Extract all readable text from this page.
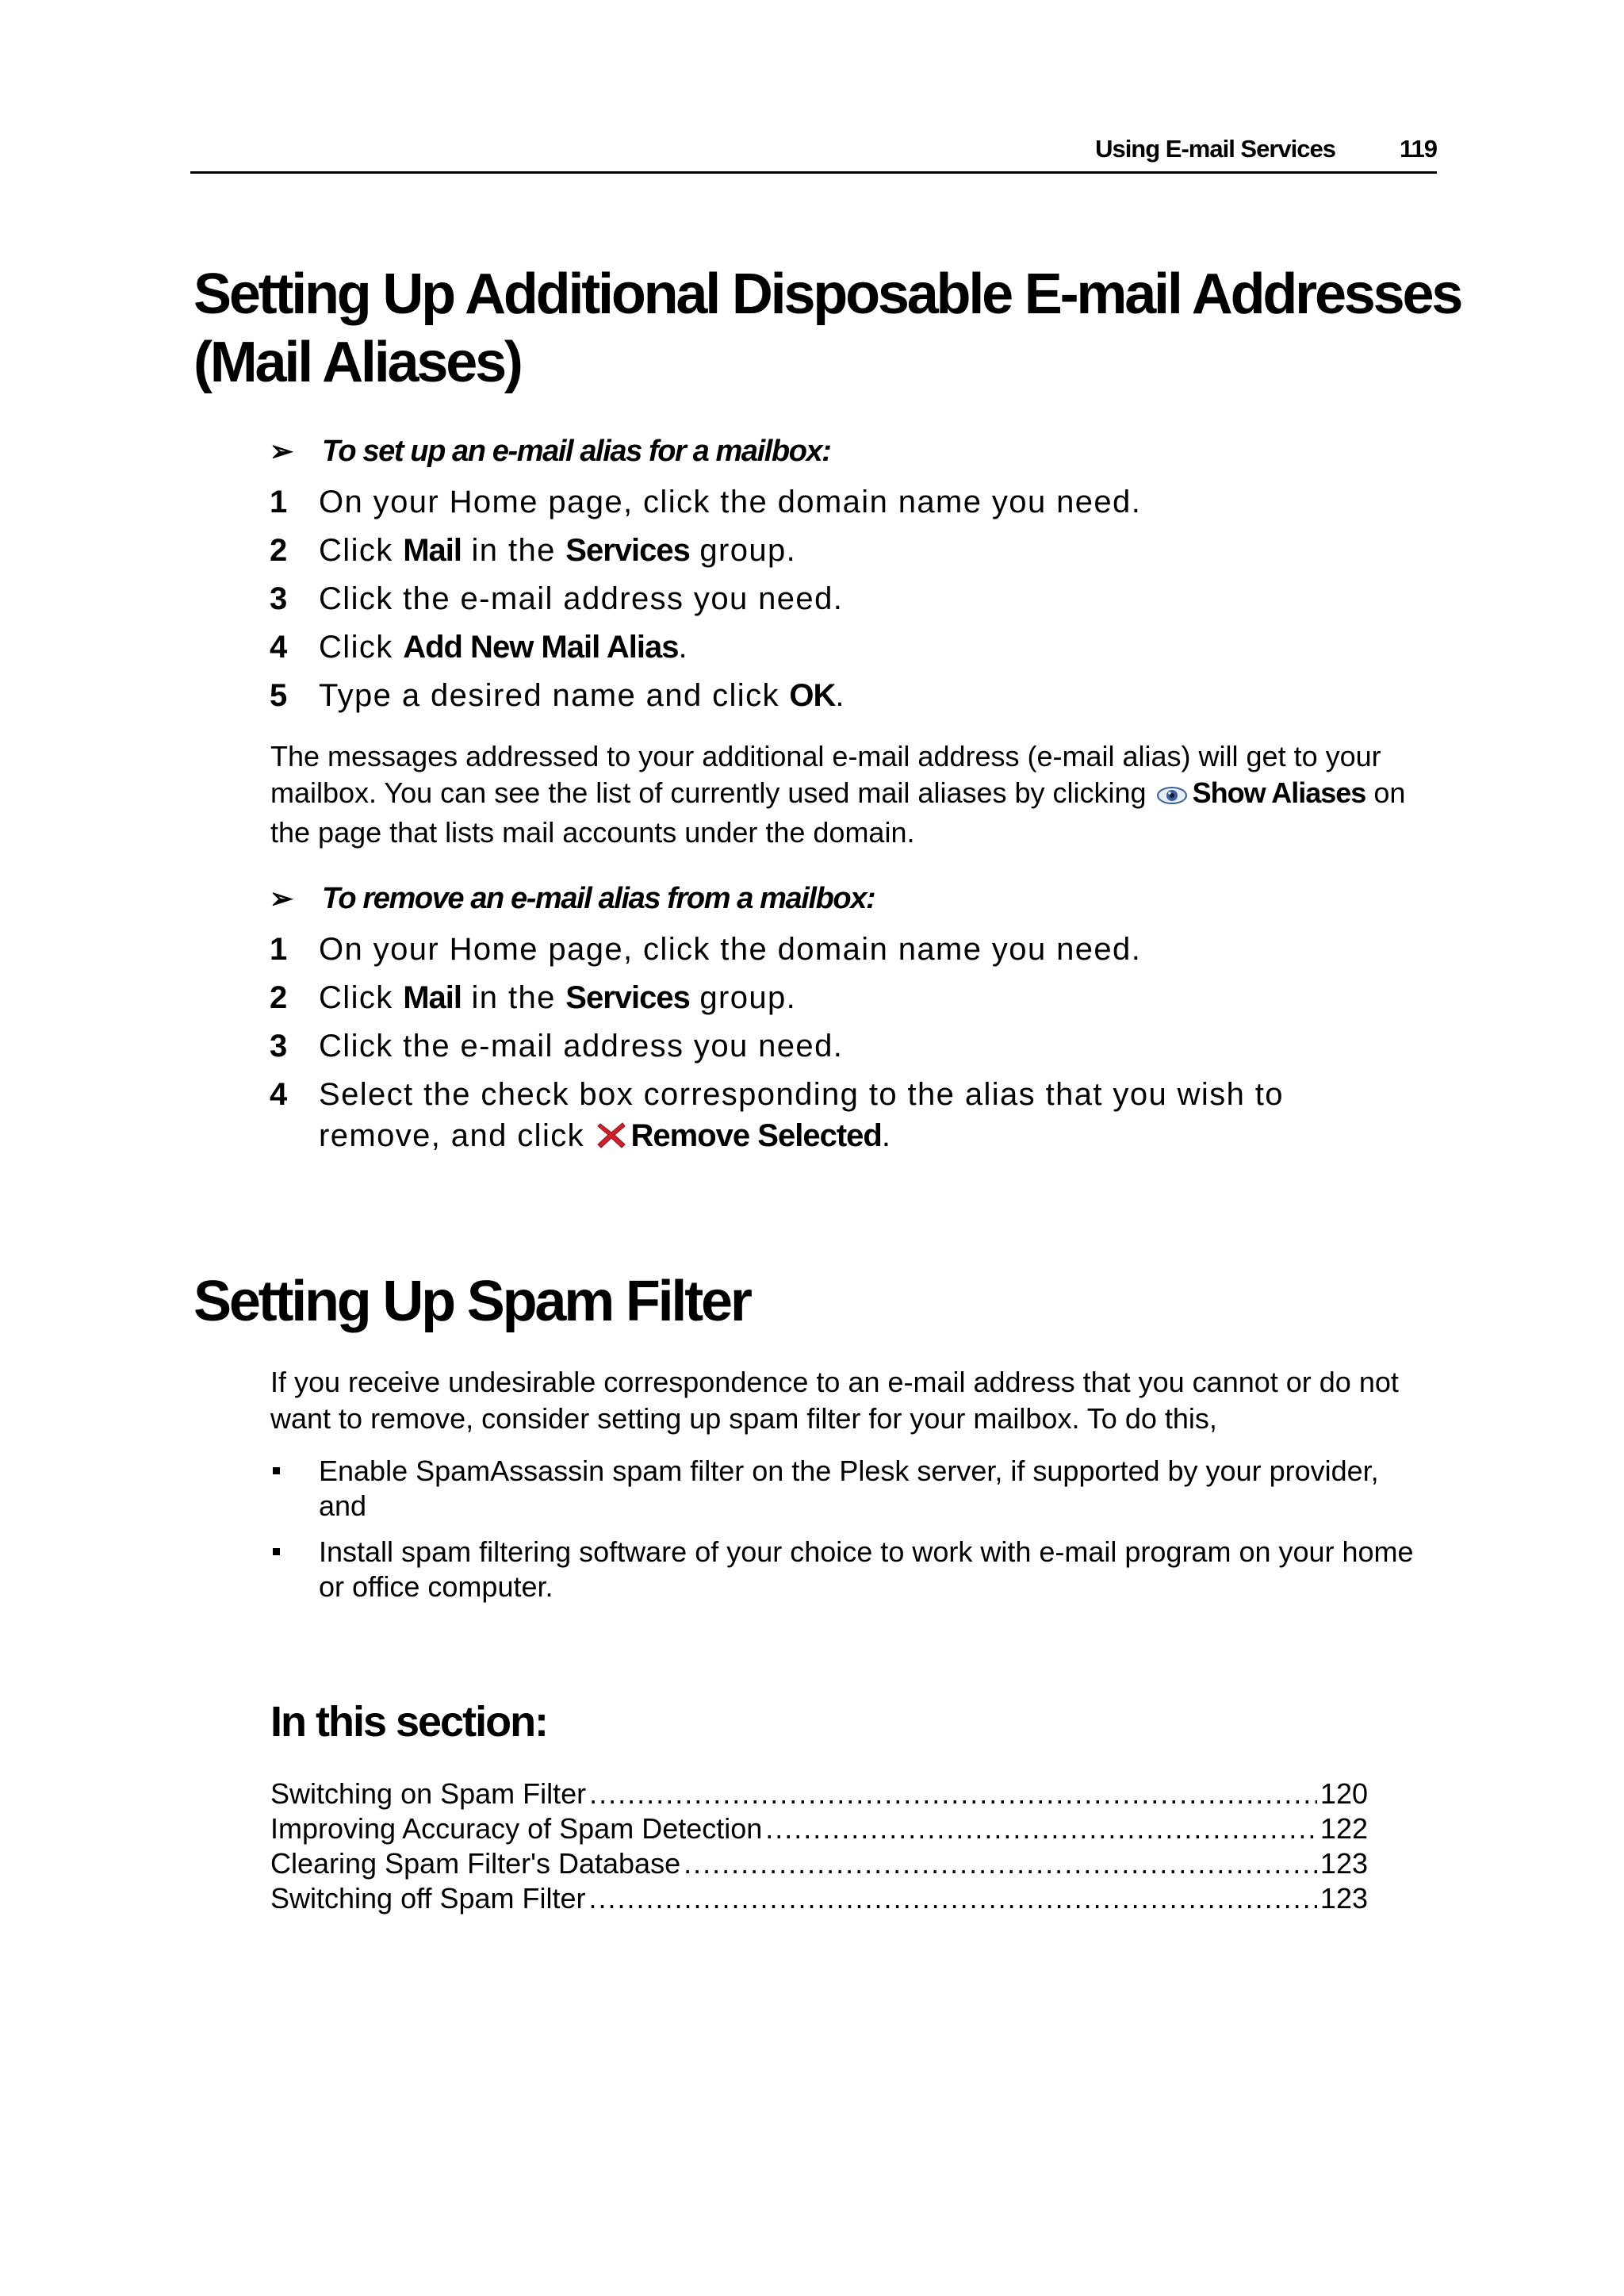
Using E-mail Services	119
Setting Up Additional Disposable E-mail Addresses (Mail Aliases)

➢ To set up an e-mail alias for a mailbox:

1 On your Home page, click the domain name you need.
2 Click Mail in the Services group.
3 Click the e-mail address you need.
4 Click Add New Mail Alias.
5 Type a desired name and click OK.

The messages addressed to your additional e-mail address (e-mail alias) will get to your mailbox. You can see the list of currently used mail aliases by clicking Show Aliases on the page that lists mail accounts under the domain.

➢ To remove an e-mail alias from a mailbox:

1 On your Home page, click the domain name you need.
2 Click Mail in the Services group.
3 Click the e-mail address you need.
4 Select the check box corresponding to the alias that you wish to remove, and click Remove Selected.
Setting Up Spam Filter

If you receive undesirable correspondence to an e-mail address that you cannot or do not want to remove, consider setting up spam filter for your mailbox. To do this,

Enable SpamAssassin spam filter on the Plesk server, if supported by your provider, and
Install spam filtering software of your choice to work with e-mail program on your home or office computer.
In this section:
Switching on Spam Filter .....	120
Improving Accuracy of Spam Detection .....	122
Clearing Spam Filter's Database .....	123
Switching off Spam Filter .....	123
